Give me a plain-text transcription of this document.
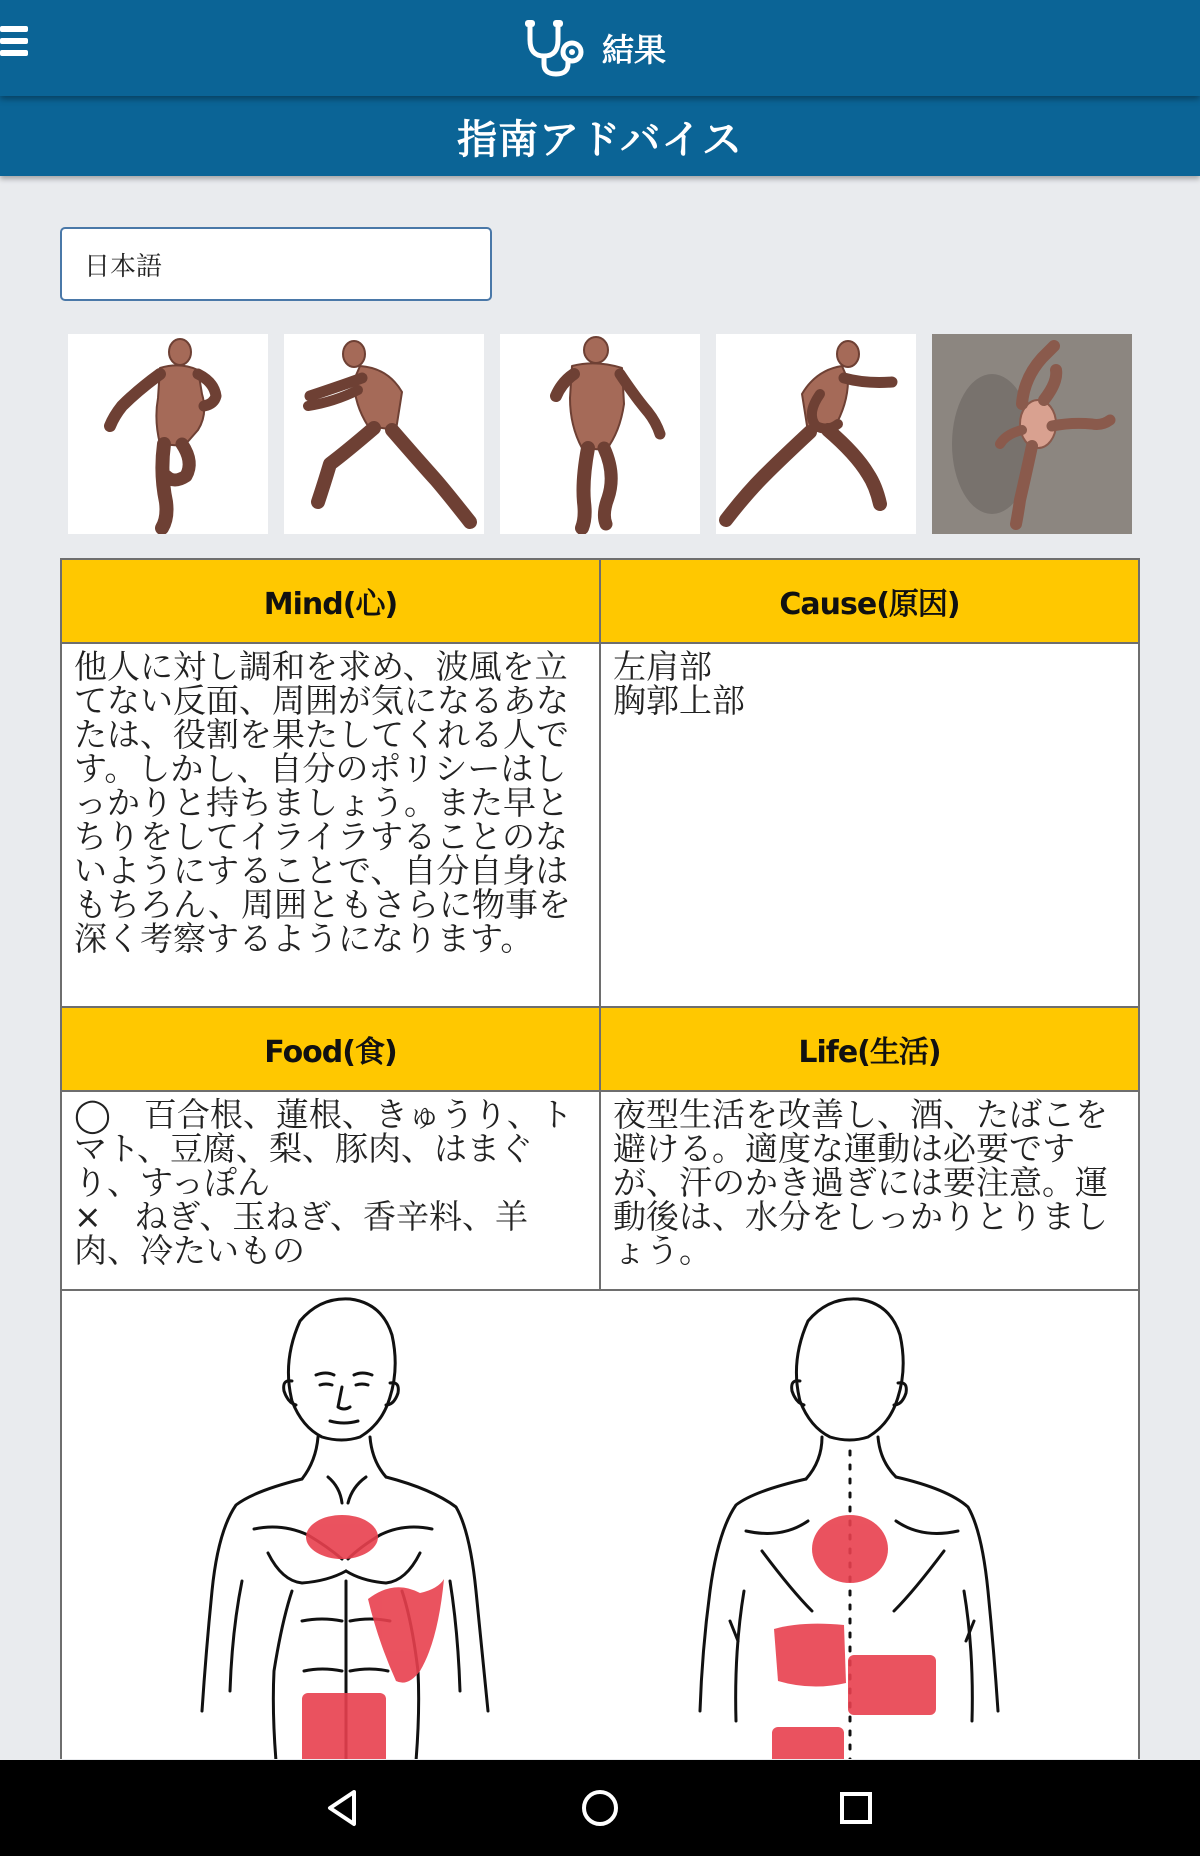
結果
指南アドバイス
日本語
Mind(心)	Cause(原因)
他人に対し調和を求め、波風を立てない反面、周囲が気になるあなたは、役割を果たしてくれる人です。しかし、自分のポリシーはしっかりと持ちましょう。また早とちりをしてイライラすることのないようにすることで、自分自身はもちろん、周囲ともさらに物事を深く考察するようになります。	左肩部
胸郭上部
Food(食)	Life(生活)
◯　百合根、蓮根、きゅうり、トマト、豆腐、梨、豚肉、はまぐり、すっぽん
×　ねぎ、玉ねぎ、香辛料、羊肉、冷たいもの	夜型生活を改善し、酒、たばこを避ける。適度な運動は必要ですが、汗のかき過ぎには要注意。運動後は、水分をしっかりとりましょう。
